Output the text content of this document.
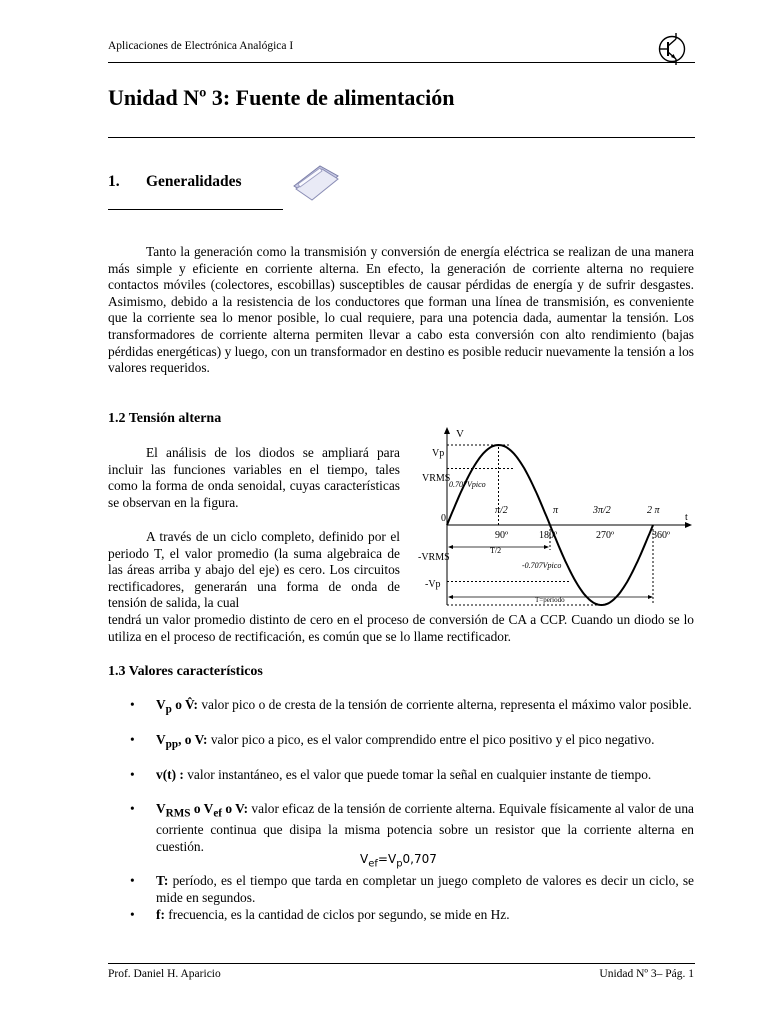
Aplicaciones de Electrónica Analógica I
Unidad Nº 3: Fuente de alimentación
1. Generalidades
Tanto la generación como la transmisión y conversión de energía eléctrica se realizan de una manera más simple y eficiente en corriente alterna. En efecto, la generación de corriente alterna no requiere contactos móviles (colectores, escobillas) susceptibles de causar pérdidas de energía y de sufrir desgastes. Asimismo, debido a la resistencia de los conductores que forman una línea de transmisión, es conveniente que la corriente sea lo menor posible, lo cual requiere, para una potencia dada, aumentar la tensión. Los transformadores de corriente alterna permiten llevar a cabo esta conversión con alto rendimiento (bajas pérdidas energéticas) y luego, con un transformador en destino es posible reducir nuevamente la tensión a los valores requeridos.
1.2 Tensión alterna
El análisis de los diodos se ampliará para incluir las funciones variables en el tiempo, tales como la forma de onda senoidal, cuyas características se observan en la figura.
A través de un ciclo completo, definido por el periodo T, el valor promedio (la suma algebraica de las áreas arriba y abajo del eje) es cero. Los circuitos rectificadores, generarán una forma de onda de tensión de salida, la cual
tendrá un valor promedio distinto de cero en el proceso de conversión de CA a CCP. Cuando un diodo se lo utiliza en el proceso de rectificación, es común que se lo llame rectificador.
V
t
0
Vp
VRMS
-VRMS
-Vp
0.707Vpico
-0.707Vpico
π/2	π	3π/2	2 π
90º	180º	270º	360º
T/2
T=periodo
1.3 Valores característicos
• $V_p$ o V̂: valor pico o de cresta de la tensión de corriente alterna, representa el máximo valor posible.
• $V_{pp}$, o V: valor pico a pico, es el valor comprendido entre el pico positivo y el pico negativo.
• v(t) : valor instantáneo, es el valor que puede tomar la señal en cualquier instante de tiempo.
• $V_{RMS}$ o $V_{ef}$ o V: valor eficaz de la tensión de corriente alterna. Equivale físicamente al valor de una corriente continua que disipa la misma potencia sobre un resistor que la corriente alterna en cuestión.
$V_{ef}=V_p0,707$
• T: período, es el tiempo que tarda en completar un juego completo de valores es decir un ciclo, se mide en segundos.
• f: frecuencia, es la cantidad de ciclos por segundo, se mide en Hz.
Prof. Daniel H. Aparicio	Unidad Nº 3– Pág. 1
